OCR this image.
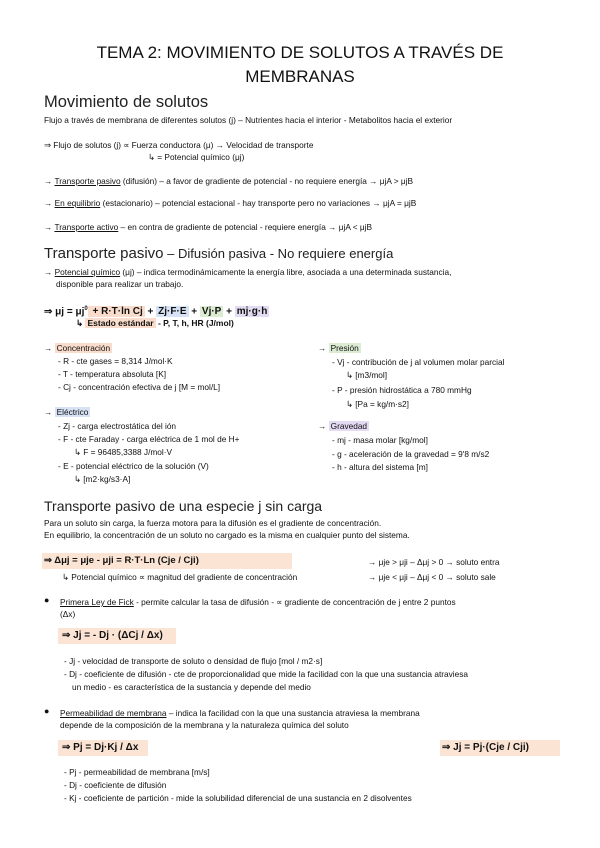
TEMA 2: MOVIMIENTO DE SOLUTOS A TRAVÉS DE
MEMBRANAS
Movimiento de solutos
Flujo a través de membrana de diferentes solutos (j) – Nutrientes hacia el interior - Metabolitos hacia el exterior
⇒ Flujo de solutos (j) ∝ Fuerza conductora (μ) → Velocidad de transporte
↳ = Potencial químico (μj)
→ Transporte pasivo (difusión) – a favor de gradiente de potencial - no requiere energía → μjA > μjB
→ En equilibrio (estacionario) – potencial estacional - hay transporte pero no variaciones → μjA = μjB
→ Transporte activo – en contra de gradiente de potencial - requiere energía → μjA < μjB
Transporte pasivo – Difusión pasiva - No requiere energía
→ Potencial químico (μj) – indica termodinámicamente la energía libre, asociada a una determinada sustancia,
disponible para realizar un trabajo.
⇒ $\mu j = \mu j^0 + R\cdot T\cdot\ln$ Cj + Zj·F·E + Vj·P + mj·g·h
↳ Estado estándar - P, T, h, HR (J/mol)
→ Concentración
- R - cte gases = 8,314 J/mol·K
- T - temperatura absoluta [K]
- Cj - concentración efectiva de j [M = mol/L]
→ Eléctrico
- Zj - carga electrostática del ión
- F - cte Faraday - carga eléctrica de 1 mol de H+
↳ F = 96485,3388 J/mol·V
- E - potencial eléctrico de la solución (V)
↳ [m2·kg/s3·A]
→ Presión
- Vj - contribución de j al volumen molar parcial
↳ [m3/mol]
- P - presión hidrostática a 780 mmHg
↳ [Pa = kg/m·s2]
→ Gravedad
- mj - masa molar [kg/mol]
- g - aceleración de la gravedad = 9'8 m/s2
- h - altura del sistema [m]
Transporte pasivo de una especie j sin carga
Para un soluto sin carga, la fuerza motora para la difusión es el gradiente de concentración.
En equilibrio, la concentración de un soluto no cargado es la misma en cualquier punto del sistema.
⇒ Δμj = μje - μji = R·T·Ln (Cje / Cji)
↳ Potencial químico ∝ magnitud del gradiente de concentración
→ μje > μji – Δμj > 0 → soluto entra
→ μje < μji – Δμj < 0 → soluto sale
● Primera Ley de Fick - permite calcular la tasa de difusión - ∝ gradiente de concentración de j entre 2 puntos
(Δx)
⇒ Jj = - Dj · (ΔCj / Δx)
- Jj - velocidad de transporte de soluto o densidad de flujo [mol / m2·s]
- Dj - coeficiente de difusión - cte de proporcionalidad que mide la facilidad con la que una sustancia atraviesa
un medio - es característica de la sustancia y depende del medio
● Permeabilidad de membrana – indica la facilidad con la que una sustancia atraviesa la membrana
depende de la composición de la membrana y la naturaleza química del soluto
⇒ Pj = Dj·Kj / Δx	⇒ Jj = Pj·(Cje / Cji)
- Pj - permeabilidad de membrana [m/s]
- Dj - coeficiente de difusión
- Kj - coeficiente de partición - mide la solubilidad diferencial de una sustancia en 2 disolventes
